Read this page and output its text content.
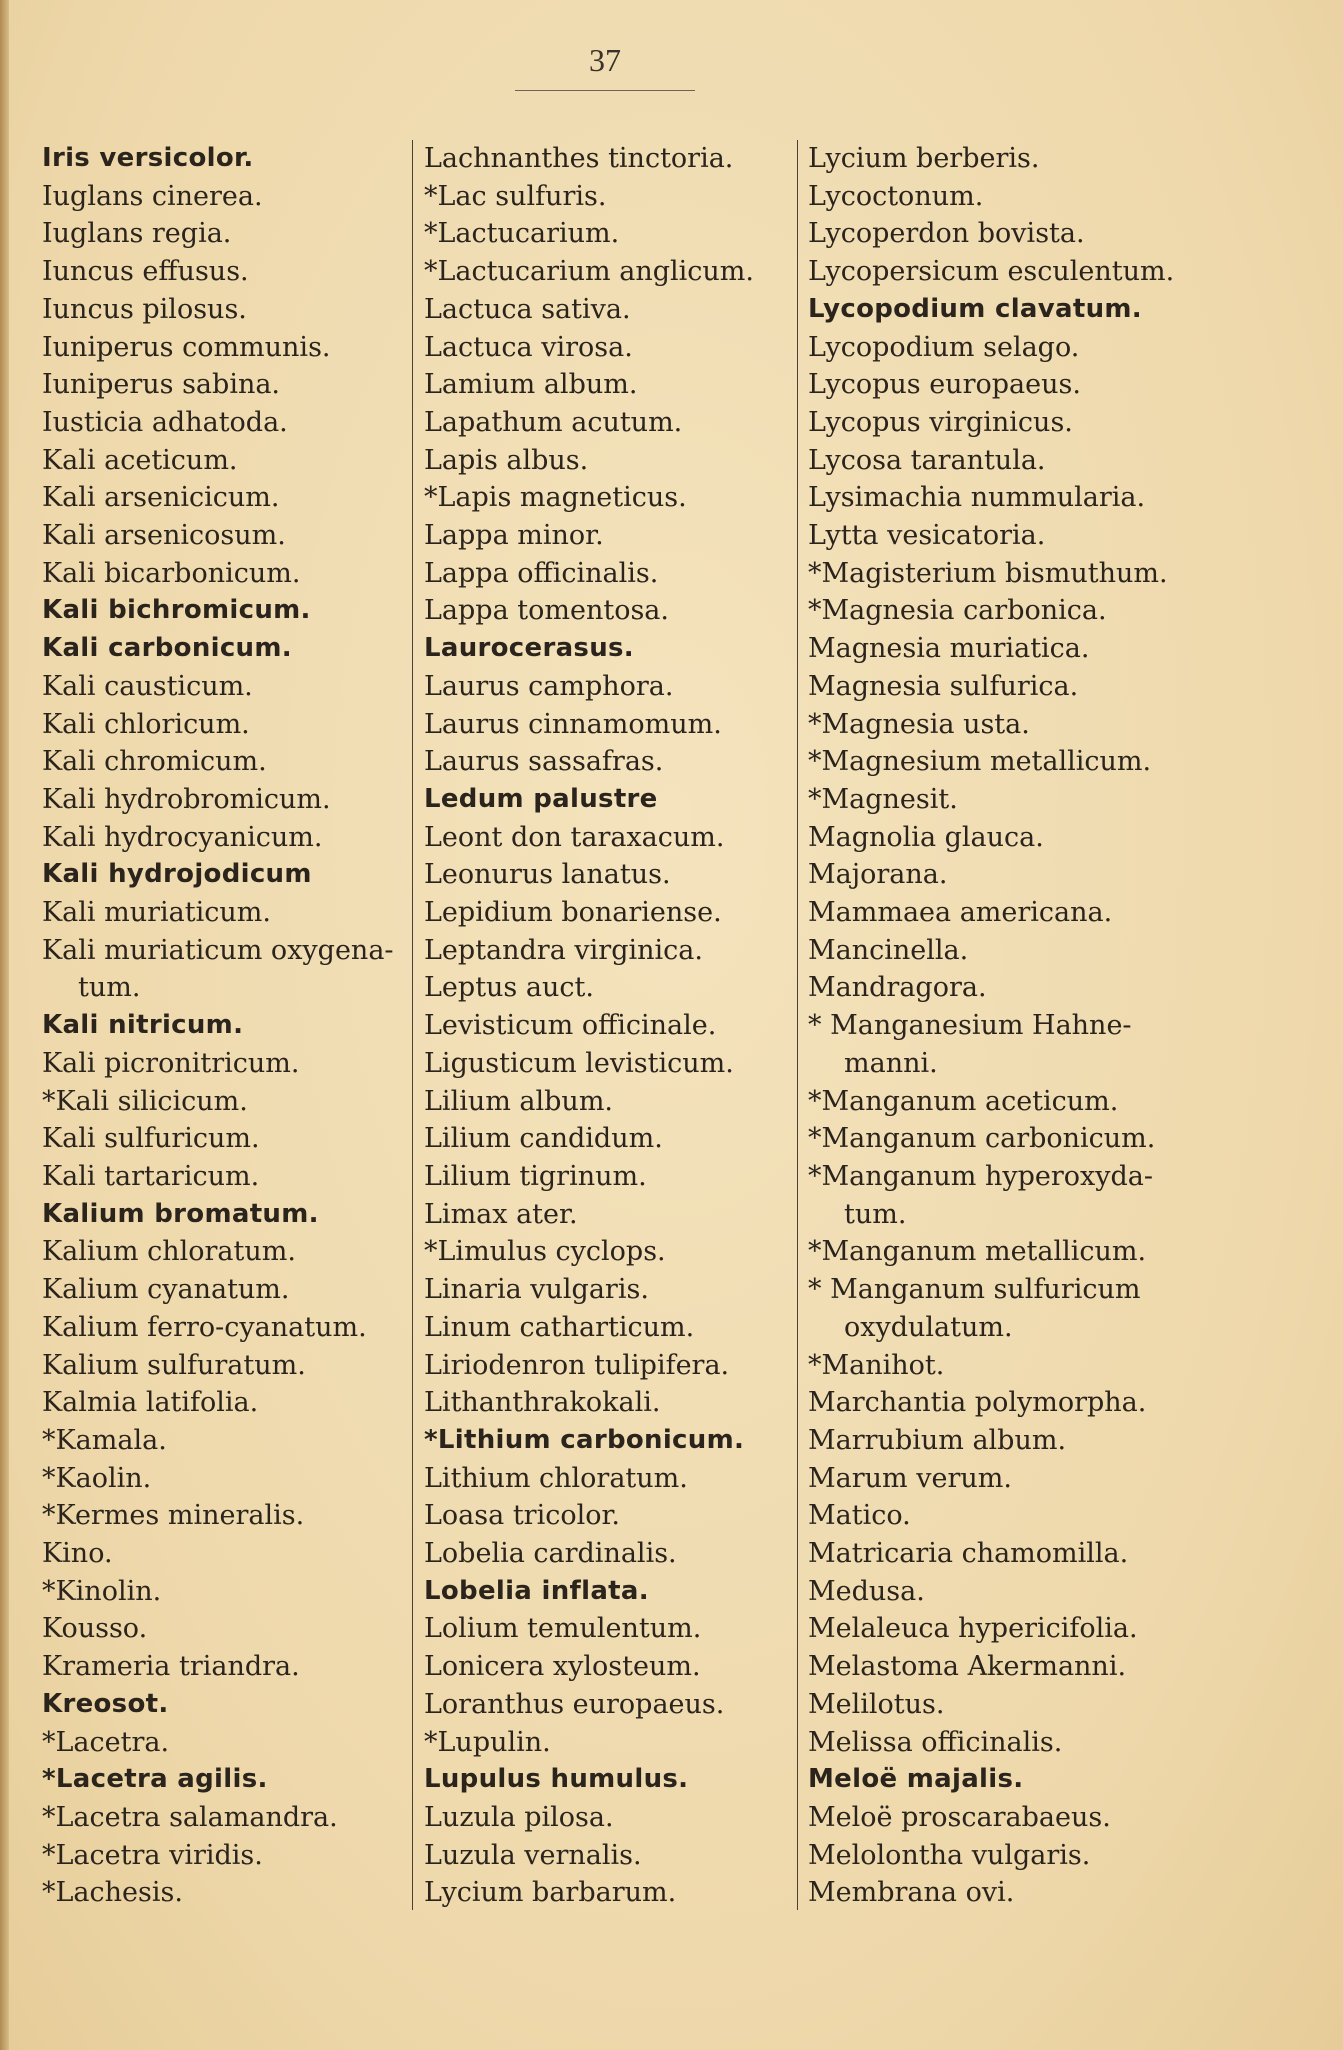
37
Iris versicolor.
Iuglans cinerea.
Iuglans regia.
Iuncus effusus.
Iuncus pilosus.
Iuniperus communis.
Iuniperus sabina.
Iusticia adhatoda.
Kali aceticum.
Kali arsenicicum.
Kali arsenicosum.
Kali bicarbonicum.
Kali bichromicum.
Kali carbonicum.
Kali causticum.
Kali chloricum.
Kali chromicum.
Kali hydrobromicum.
Kali hydrocyanicum.
Kali hydrojodicum
Kali muriaticum.
Kali muriaticum oxygena-
tum.
Kali nitricum.
Kali picronitricum.
*Kali silicicum.
Kali sulfuricum.
Kali tartaricum.
Kalium bromatum.
Kalium chloratum.
Kalium cyanatum.
Kalium ferro-cyanatum.
Kalium sulfuratum.
Kalmia latifolia.
*Kamala.
*Kaolin.
*Kermes mineralis.
Kino.
*Kinolin.
Kousso.
Krameria triandra.
Kreosot.
*Lacetra.
*Lacetra agilis.
*Lacetra salamandra.
*Lacetra viridis.
*Lachesis.
Lachnanthes tinctoria.
*Lac sulfuris.
*Lactucarium.
*Lactucarium anglicum.
Lactuca sativa.
Lactuca virosa.
Lamium album.
Lapathum acutum.
Lapis albus.
*Lapis magneticus.
Lappa minor.
Lappa officinalis.
Lappa tomentosa.
Laurocerasus.
Laurus camphora.
Laurus cinnamomum.
Laurus sassafras.
Ledum palustre
Leont don taraxacum.
Leonurus lanatus.
Lepidium bonariense.
Leptandra virginica.
Leptus auct.
Levisticum officinale.
Ligusticum levisticum.
Lilium album.
Lilium candidum.
Lilium tigrinum.
Limax ater.
*Limulus cyclops.
Linaria vulgaris.
Linum catharticum.
Liriodenron tulipifera.
Lithanthrakokali.
*Lithium carbonicum.
Lithium chloratum.
Loasa tricolor.
Lobelia cardinalis.
Lobelia inflata.
Lolium temulentum.
Lonicera xylosteum.
Loranthus europaeus.
*Lupulin.
Lupulus humulus.
Luzula pilosa.
Luzula vernalis.
Lycium barbarum.
Lycium berberis.
Lycoctonum.
Lycoperdon bovista.
Lycopersicum esculentum.
Lycopodium clavatum.
Lycopodium selago.
Lycopus europaeus.
Lycopus virginicus.
Lycosa tarantula.
Lysimachia nummularia.
Lytta vesicatoria.
*Magisterium bismuthum.
*Magnesia carbonica.
Magnesia muriatica.
Magnesia sulfurica.
*Magnesia usta.
*Magnesium metallicum.
*Magnesit.
Magnolia glauca.
Majorana.
Mammaea americana.
Mancinella.
Mandragora.
* Manganesium Hahne-
manni.
*Manganum aceticum.
*Manganum carbonicum.
*Manganum hyperoxyda-
tum.
*Manganum metallicum.
* Manganum sulfuricum
oxydulatum.
*Manihot.
Marchantia polymorpha.
Marrubium album.
Marum verum.
Matico.
Matricaria chamomilla.
Medusa.
Melaleuca hypericifolia.
Melastoma Akermanni.
Melilotus.
Melissa officinalis.
Meloë majalis.
Meloë proscarabaeus.
Melolontha vulgaris.
Membrana ovi.
